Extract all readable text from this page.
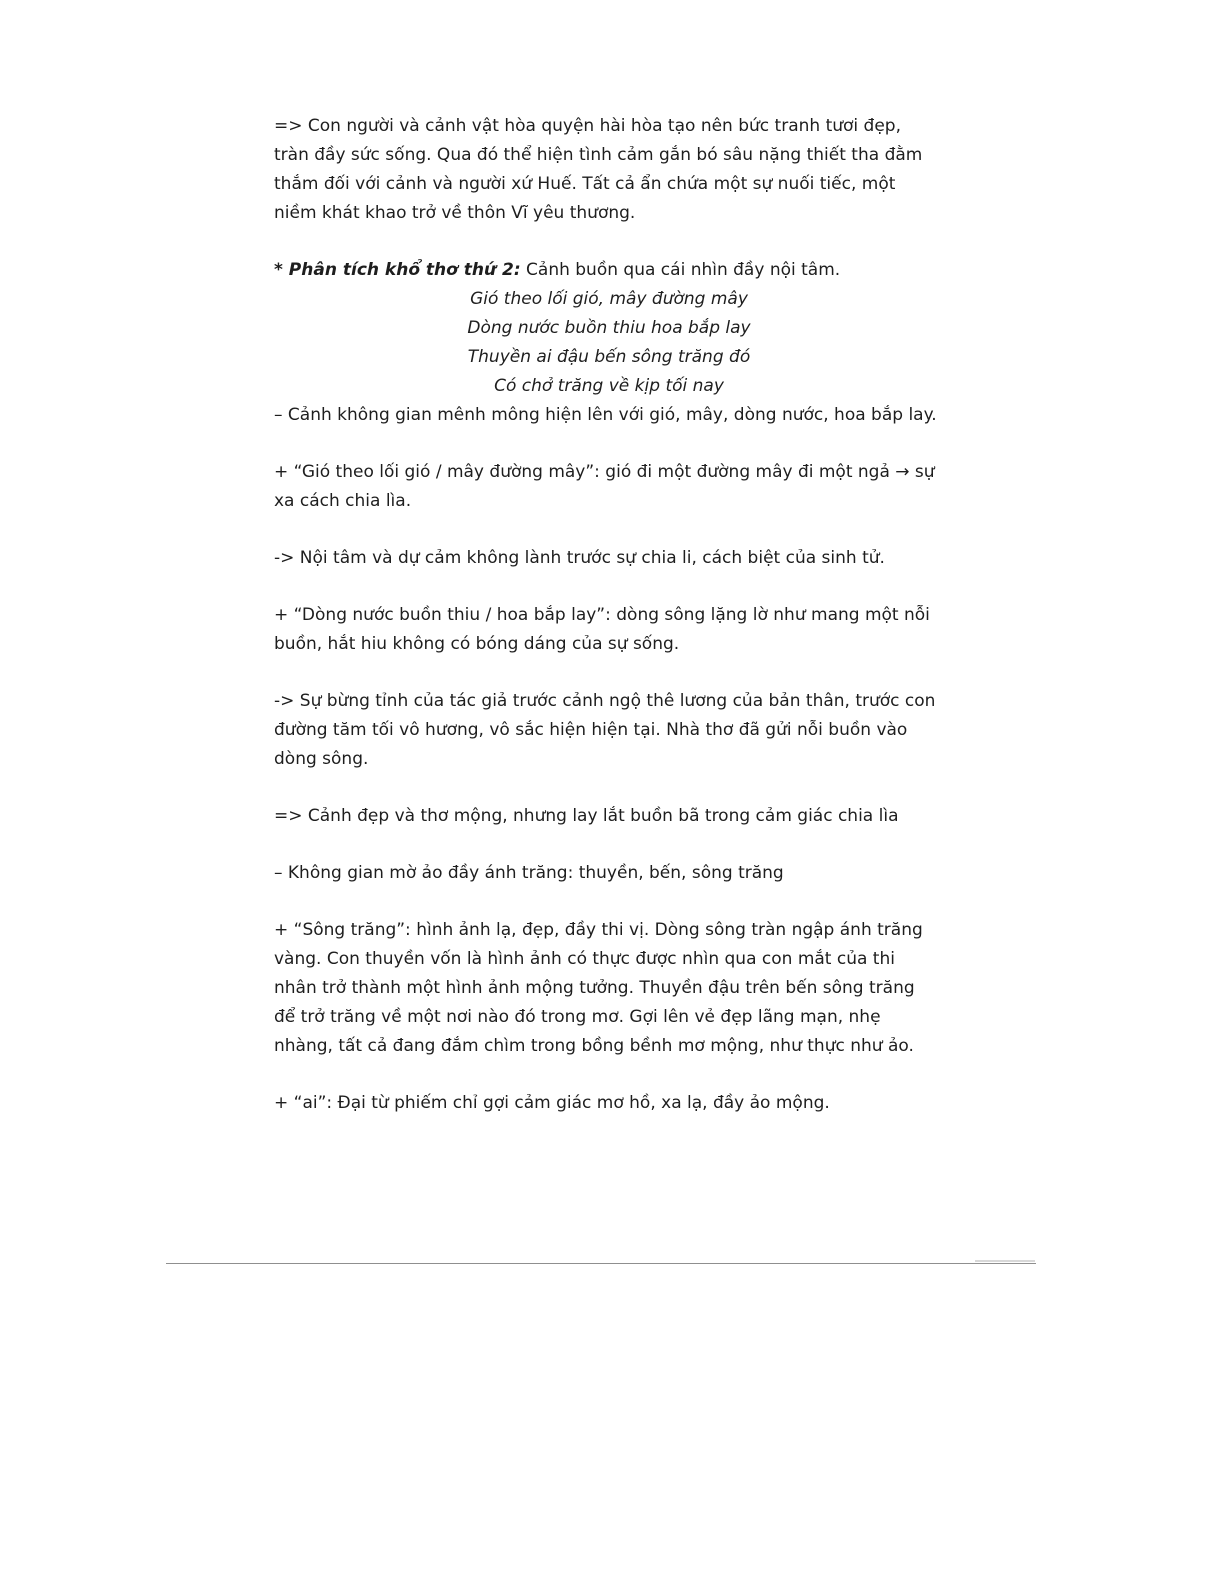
=> Con người và cảnh vật hòa quyện hài hòa tạo nên bức tranh tươi đẹp,
tràn đầy sức sống. Qua đó thể hiện tình cảm gắn bó sâu nặng thiết tha đằm
thắm đối với cảnh và người xứ Huế. Tất cả ẩn chứa một sự nuối tiếc, một
niềm khát khao trở về thôn Vĩ yêu thương.

* Phân tích khổ thơ thứ 2: Cảnh buồn qua cái nhìn đầy nội tâm.

Gió theo lối gió, mây đường mây
Dòng nước buồn thiu hoa bắp lay
Thuyền ai đậu bến sông trăng đó
Có chở trăng về kịp tối nay

– Cảnh không gian mênh mông hiện lên với gió, mây, dòng nước, hoa bắp lay.

+ “Gió theo lối gió / mây đường mây”: gió đi một đường mây đi một ngả → sự
xa cách chia lìa.

-> Nội tâm và dự cảm không lành trước sự chia li, cách biệt của sinh tử.

+ “Dòng nước buồn thiu / hoa bắp lay”: dòng sông lặng lờ như mang một nỗi
buồn, hắt hiu không có bóng dáng của sự sống.

-> Sự bừng tỉnh của tác giả trước cảnh ngộ thê lương của bản thân, trước con
đường tăm tối vô hương, vô sắc hiện hiện tại. Nhà thơ đã gửi nỗi buồn vào
dòng sông.

=> Cảnh đẹp và thơ mộng, nhưng lay lắt buồn bã trong cảm giác chia lìa

– Không gian mờ ảo đầy ánh trăng: thuyền, bến, sông trăng

+ “Sông trăng”: hình ảnh lạ, đẹp, đầy thi vị. Dòng sông tràn ngập ánh trăng
vàng. Con thuyền vốn là hình ảnh có thực được nhìn qua con mắt của thi
nhân trở thành một hình ảnh mộng tưởng. Thuyền đậu trên bến sông trăng
để trở trăng về một nơi nào đó trong mơ. Gợi lên vẻ đẹp lãng mạn, nhẹ
nhàng, tất cả đang đắm chìm trong bồng bềnh mơ mộng, như thực như ảo.

+ “ai”: Đại từ phiếm chỉ gợi cảm giác mơ hồ, xa lạ, đầy ảo mộng.
